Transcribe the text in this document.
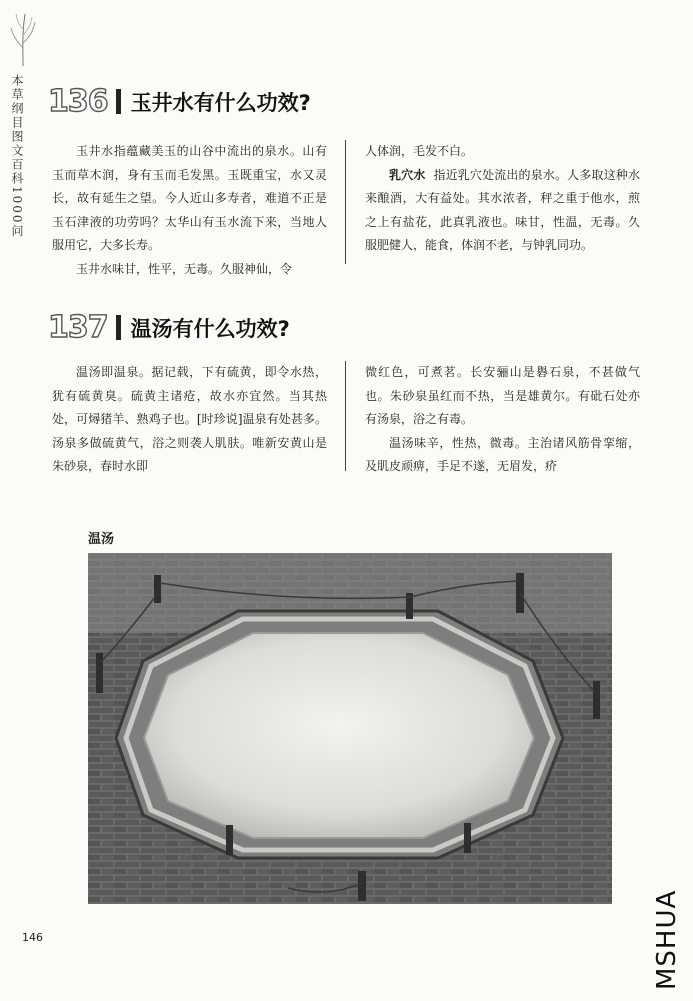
本草纲目图文百科1000问 136 玉井水有什么功效?

玉井水指蕴藏美玉的山谷中流出的泉水。山有玉而草木润，身有玉而毛发黑。玉既重宝，水又灵长，故有延生之望。今人近山多寿者，难道不正是玉石津液的功劳吗？太华山有玉水流下来，当地人服用它，大多长寿。

玉井水味甘，性平，无毒。久服神仙，令

人体润，毛发不白。

乳穴水 指近乳穴处流出的泉水。人多取这种水来酿酒，大有益处。其水浓者，秤之重于他水，煎之上有盐花，此真乳液也。味甘，性温，无毒。久服肥健人，能食，体润不老，与钟乳同功。

137 温汤有什么功效?

温汤即温泉。据记载，下有硫黄，即令水热，犹有硫黄臭。硫黄主诸疮，故水亦宜然。当其热处，可燖猪羊、熟鸡子也。[时珍说]温泉有处甚多。汤泉多做硫黄气，浴之则袭人肌肤。唯新安黄山是朱砂泉，春时水即

微红色，可煮茗。长安骊山是礜石泉，不甚做气也。朱砂泉虽红而不热，当是雄黄尔。有砒石处亦有汤泉，浴之有毒。

温汤味辛，性热，微毒。主治诸风筋骨挛缩，及肌皮顽痹，手足不遂，无眉发，疥

温汤
146	MSHUA
